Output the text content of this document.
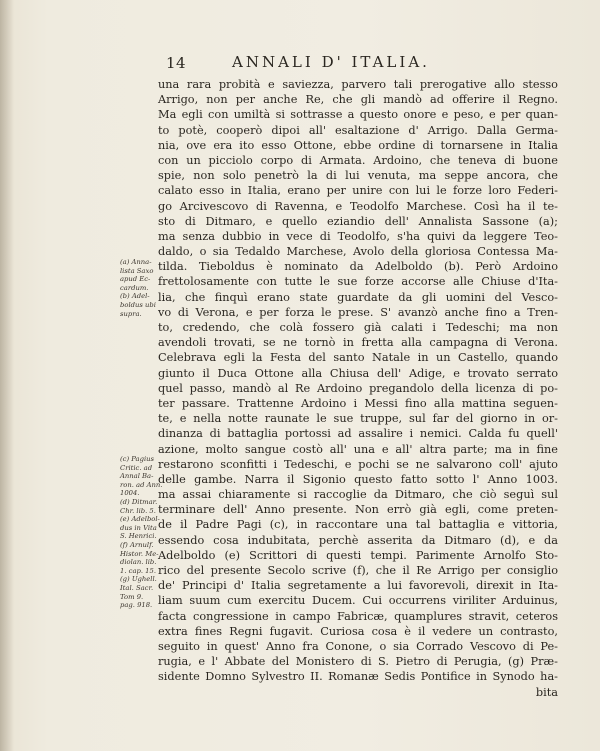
14	ANNALI D' ITALIA.
una rara probità e saviezza, parvero tali prerogative allo stesso
Arrigo, non per anche Re, che gli mandò ad offerire il Regno.
Ma egli con umiltà si sottrasse a questo onore e peso, e per quan-
to potè, cooperò dipoi all' esaltazione d' Arrigo. Dalla Germa-
nia, ove era ito esso Ottone, ebbe ordine di tornarsene in Italia
con un picciolo corpo di Armata. Ardoino, che teneva di buone
spie, non solo penetrò la di lui venuta, ma seppe ancora, che
calato esso in Italia, erano per unire con lui le forze loro Federi-
go Arcivescovo di Ravenna, e Teodolfo Marchese. Così ha il te-
sto di Ditmaro, e quello eziandio dell' Annalista Sassone (a);
ma senza dubbio in vece di Teodolfo, s'ha quivi da leggere Teo-
daldo, o sia Tedaldo Marchese, Avolo della gloriosa Contessa Ma-
tilda. Tieboldus è nominato da Adelboldo (b). Però Ardoino
frettolosamente con tutte le sue forze accorse alle Chiuse d'Ita-
lia, che finquì erano state guardate da gli uomini del Vesco-
vo di Verona, e per forza le prese. S' avanzò anche fino a Tren-
to, credendo, che colà fossero già calati i Tedeschi; ma non
avendoli trovati, se ne tornò in fretta alla campagna di Verona.
Celebrava egli la Festa del santo Natale in un Castello, quando
giunto il Duca Ottone alla Chiusa dell' Adige, e trovato serrato
quel passo, mandò al Re Ardoino pregandolo della licenza di po-
ter passare. Trattenne Ardoino i Messi fino alla mattina seguen-
te, e nella notte raunate le sue truppe, sul far del giorno in or-
dinanza di battaglia portossi ad assalire i nemici. Calda fu quell'
azione, molto sangue costò all' una e all' altra parte; ma in fine
restarono sconfitti i Tedeschi, e pochi se ne salvarono coll' ajuto
delle gambe. Narra il Sigonio questo fatto sotto l' Anno 1003.
ma assai chiaramente si raccoglie da Ditmaro, che ciò seguì sul
terminare dell' Anno presente. Non errò già egli, come preten-
de il Padre Pagi (c), in raccontare una tal battaglia e vittoria,
essendo cosa indubitata, perchè asserita da Ditmaro (d), e da
Adelboldo (e) Scrittori di questi tempi. Parimente Arnolfo Sto-
rico del presente Secolo scrive (f), che il Re Arrigo per consiglio
de' Principi d' Italia segretamente a lui favorevoli, direxit in Ita-
liam suum cum exercitu Ducem. Cui occurrens viriliter Arduinus,
facta congressione in campo Fabricæ, quamplures stravit, ceteros
extra fines Regni fugavit. Curiosa cosa è il vedere un contrasto,
seguito in quest' Anno fra Conone, o sia Corrado Vescovo di Pe-
rugia, e l' Abbate del Monistero di S. Pietro di Perugia, (g) Præ-
sidente Domno Sylvestro II. Romanæ Sedis Pontifice in Synodo ha-
bita
(a) Anna-
lista Saxo
apud Ec-
cardum.
(b) Adel-
boldus ubi
supra.
(c) Pagius
Critic. ad
Annal Ba-
ron. ad Ann.
1004.
(d) Ditmar.
Chr. lib. 5.
(e) Adelbol-
dus in Vita
S. Henrici.
(f) Arnulf.
Histor. Me-
diolan. lib.
1. cap. 15.
(g) Ughell.
Ital. Sacr.
Tom 9.
pag. 918.
